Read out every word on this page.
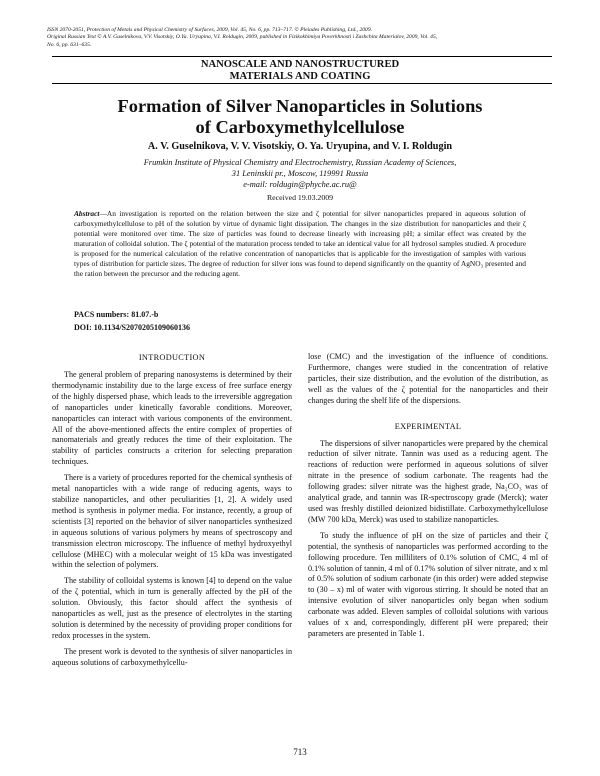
ISSN 2070-2051, Protection of Metals and Physical Chemistry of Surfaces, 2009, Vol. 45, No. 6, pp. 713–717. © Pleiades Publishing, Ltd., 2009.
Original Russian Text © A.V. Guselnikova, V.V. Visotskiy, O.Ya. Uryupina, V.I. Roldugin, 2009, published in Fizikokhimiya Poverkhnosti i Zashchita Materialov, 2009, Vol. 45,
No. 6, pp. 631–635.
NANOSCALE AND NANOSTRUCTURED
MATERIALS AND COATING
Formation of Silver Nanoparticles in Solutions
of Carboxymethylcellulose
A. V. Guselnikova, V. V. Visotskiy, O. Ya. Uryupina, and V. I. Roldugin
Frumkin Institute of Physical Chemistry and Electrochemistry, Russian Academy of Sciences,
31 Leninskii pr., Moscow, 119991 Russia
e-mail: roldugin@phyche.ac.ru@
Received 19.03.2009
Abstract—An investigation is reported on the relation between the size and ζ potential for silver nanoparticles prepared in aqueous solution of carboxymethylcellulose to pH of the solution by virtue of dynamic light dissipation. The changes in the size distribution for nanoparticles and their ζ potential were monitored over time. The size of particles was found to decrease linearly with increasing pH; a similar effect was created by the maturation of colloidal solution. The ζ potential of the maturation process tended to take an identical value for all hydrosol samples studied. A procedure is proposed for the numerical calculation of the relative concentration of nanoparticles that is applicable for the investigation of samples with various types of distribution for particle sizes. The degree of reduction for silver ions was found to depend significantly on the quantity of AgNO₃ presented and the ration between the precursor and the reducing agent.
PACS numbers: 81.07.-b
DOI: 10.1134/S2070205109060136
INTRODUCTION

The general problem of preparing nanosystems is determined by their thermodynamic instability due to the large excess of free surface energy of the highly dispersed phase, which leads to the irreversible aggregation of nanoparticles under kinetically favorable conditions. Moreover, nanoparticles can interact with various components of the environment. All of the above-mentioned affects the entire complex of properties of nanomaterials and greatly reduces the time of their exploitation. The stability of particles constructs a criterion for selecting preparation techniques.

There is a variety of procedures reported for the chemical synthesis of metal nanoparticles with a wide range of reducing agents, ways to stabilize nanoparticles, and other peculiarities [1, 2]. A widely used method is synthesis in polymer media. For instance, recently, a group of scientists [3] reported on the behavior of silver nanoparticles synthesized in aqueous solutions of various polymers by means of spectroscopy and transmission electron microscopy. The influence of methyl hydroxyethyl cellulose (MHEC) with a molecular weight of 15 kDa was investigated within the selection of polymers.

The stability of colloidal systems is known [4] to depend on the value of the ζ potential, which in turn is generally affected by the pH of the solution. Obviously, this factor should affect the synthesis of nanoparticles as well, just as the presence of electrolytes in the starting solution is determined by the necessity of providing proper conditions for redox processes in the system.

The present work is devoted to the synthesis of silver nanoparticles in aqueous solutions of carboxymethylcellu-

lose (CMC) and the investigation of the influence of conditions. Furthermore, changes were studied in the concentration of relative particles, their size distribution, and the evolution of the distribution, as well as the values of the ζ potential for the nanoparticles and their changes during the shelf life of the dispersions.

EXPERIMENTAL

The dispersions of silver nanoparticles were prepared by the chemical reduction of silver nitrate. Tannin was used as a reducing agent. The reactions of reduction were performed in aqueous solutions of silver nitrate in the presence of sodium carbonate. The reagents had the following grades: silver nitrate was the highest grade, Na₂CO₃ was of analytical grade, and tannin was IR-spectroscopy grade (Merck); water used was freshly distilled deionized bidistillate. Carboxymethylcellulose (MW 700 kDa, Merck) was used to stabilize nanoparticles.

To study the influence of pH on the size of particles and their ζ potential, the synthesis of nanoparticles was performed according to the following procedure. Ten milliliters of 0.1% solution of CMC, 4 ml of 0.1% solution of tannin, 4 ml of 0.17% solution of silver nitrate, and x ml of 0.5% solution of sodium carbonate (in this order) were added stepwise to (30 – x) ml of water with vigorous stirring. It should be noted that an intensive evolution of silver nanoparticles only began when sodium carbonate was added. Eleven samples of colloidal solutions with various values of x and, correspondingly, different pH were prepared; their parameters are presented in Table 1.

713
